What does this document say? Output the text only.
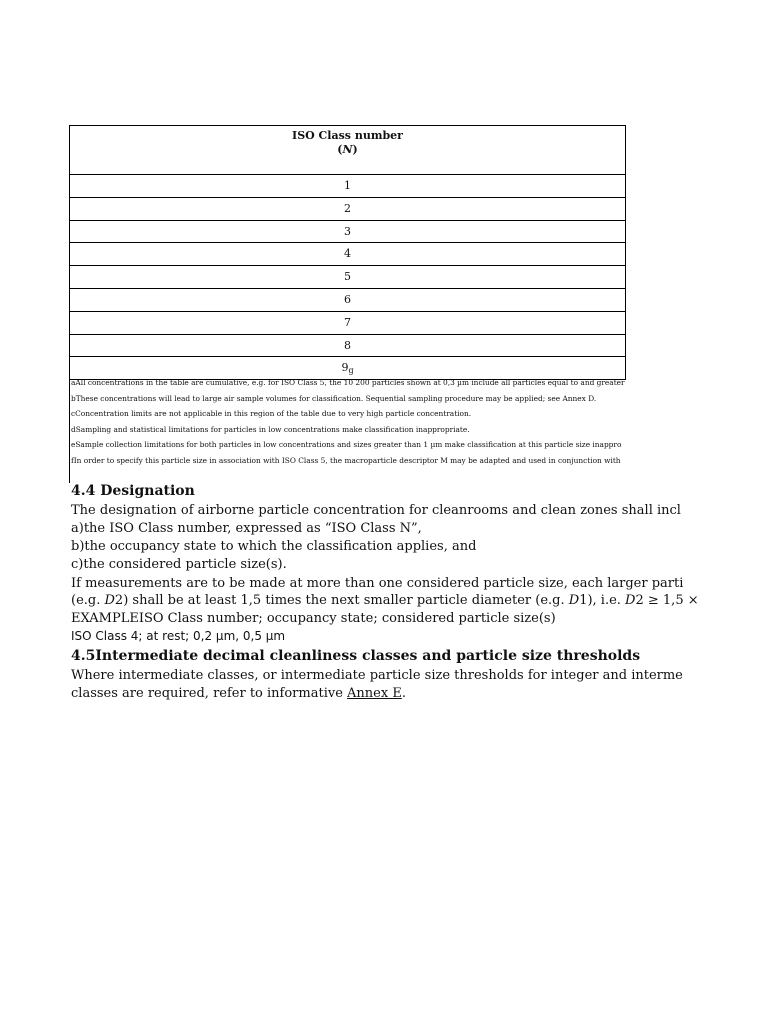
ISO Class number
(N)
1
2
3
4
5
6
7
8
$9_g$
aAll concentrations in the table are cumulative, e.g. for ISO Class 5, the 10 200 particles shown at 0,3 µm include all particles equal to and greater
bThese concentrations will lead to large air sample volumes for classification. Sequential sampling procedure may be applied; see Annex D.
cConcentration limits are not applicable in this region of the table due to very high particle concentration.
dSampling and statistical limitations for particles in low concentrations make classification inappropriate.
eSample collection limitations for both particles in low concentrations and sizes greater than 1 µm make classification at this particle size inappro
fIn order to specify this particle size in association with ISO Class 5, the macroparticle descriptor M may be adapted and used in conjunction with
4.4 Designation
The designation of airborne particle concentration for cleanrooms and clean zones shall incl
a)the ISO Class number, expressed as “ISO Class N”,
b)the occupancy state to which the classification applies, and
c)the considered particle size(s).
If measurements are to be made at more than one considered particle size, each larger parti
(e.g. D2) shall be at least 1,5 times the next smaller particle diameter (e.g. D1), i.e. D2 ≥ 1,5 ×
EXAMPLEISO Class number; occupancy state; considered particle size(s)
ISO Class 4; at rest; 0,2 µm, 0,5 µm
4.5Intermediate decimal cleanliness classes and particle size thresholds
Where intermediate classes, or intermediate particle size thresholds for integer and interme
classes are required, refer to informative Annex E.
